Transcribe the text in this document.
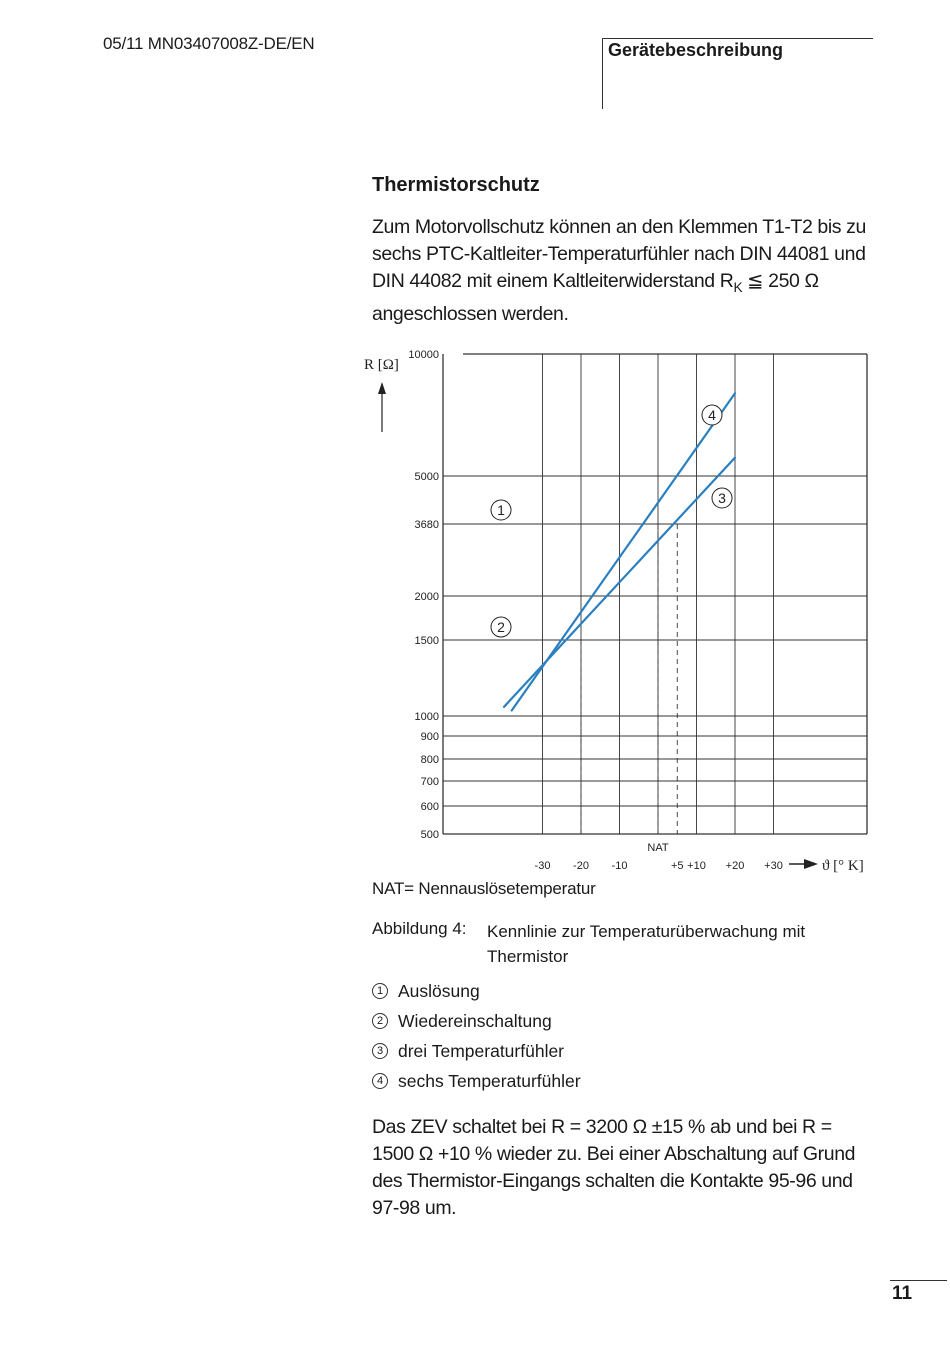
05/11 MN03407008Z-DE/EN	Gerätebeschreibung
Thermistorschutz
Zum Motorvollschutz können an den Klemmen T1-T2 bis zu sechs PTC-Kaltleiter-Temperaturfühler nach DIN 44081 und DIN 44082 mit einem Kaltleiterwiderstand $R_K$ ≦ 250 Ω angeschlossen werden.
500
600
700
800
900
1000
1500
2000
3680
5000
10000
-30 -20 -10	+5 +10 +20 +30
NAT
R [Ω]
ϑ [° K]
1
2
3
4
NAT= Nennauslösetemperatur
Abbildung 4: Kennlinie zur Temperaturüberwachung mit Thermistor
1 Auslösung
2 Wiedereinschaltung
3 drei Temperaturfühler
4 sechs Temperaturfühler
Das ZEV schaltet bei R = 3200 Ω ±15 % ab und bei R = 1500 Ω +10 % wieder zu. Bei einer Abschaltung auf Grund des Thermistor-Eingangs schalten die Kontakte 95-96 und 97-98 um.
11
